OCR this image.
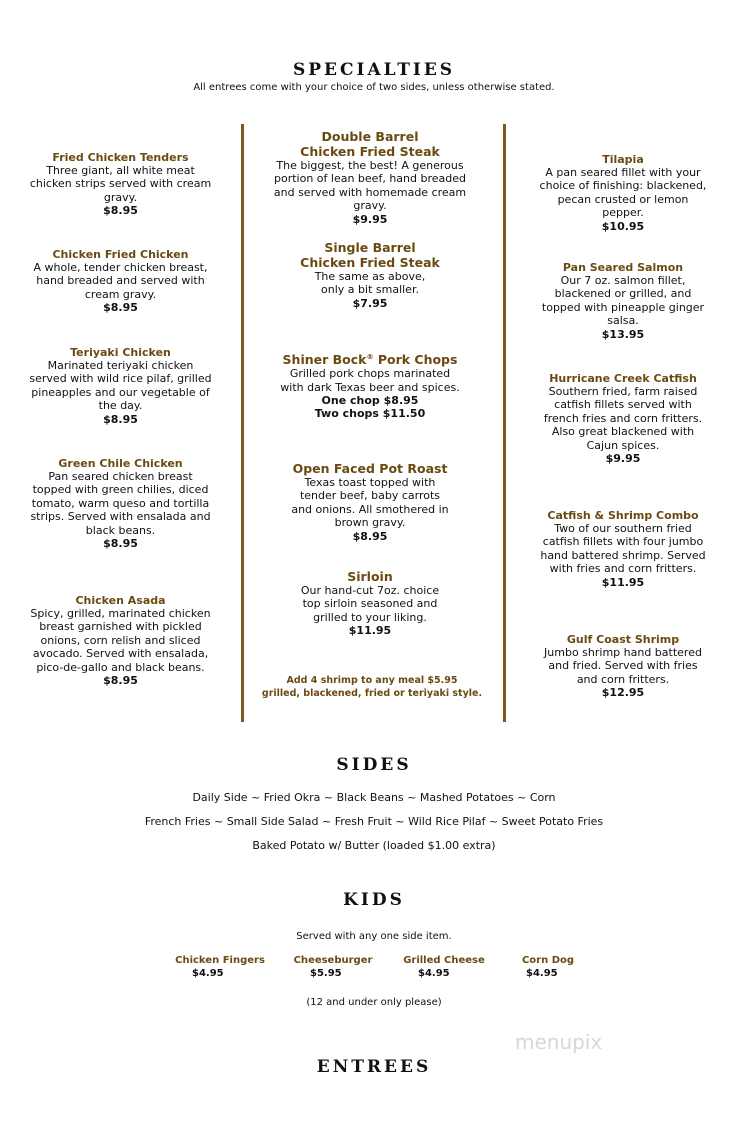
SPECIALTIES
All entrees come with your choice of two sides, unless otherwise stated.
Fried Chicken Tenders
Three giant, all white meat chicken strips served with cream gravy.
$8.95
Chicken Fried Chicken
A whole, tender chicken breast, hand breaded and served with cream gravy.
$8.95
Teriyaki Chicken
Marinated teriyaki chicken served with wild rice pilaf, grilled pineapples and our vegetable of the day.
$8.95
Green Chile Chicken
Pan seared chicken breast topped with green chilies, diced tomato, warm queso and tortilla strips. Served with ensalada and black beans.
$8.95
Chicken Asada
Spicy, grilled, marinated chicken breast garnished with pickled onions, corn relish and sliced avocado. Served with ensalada, pico-de-gallo and black beans.
$8.95
Double Barrel
Chicken Fried Steak
The biggest, the best! A generous portion of lean beef, hand breaded and served with homemade cream gravy.
$9.95
Single Barrel
Chicken Fried Steak
The same as above, only a bit smaller.
$7.95
Shiner Bock® Pork Chops
Grilled pork chops marinated with dark Texas beer and spices.
One chop $8.95
Two chops $11.50
Open Faced Pot Roast
Texas toast topped with tender beef, baby carrots and onions. All smothered in brown gravy.
$8.95
Sirloin
Our hand-cut 7oz. choice top sirloin seasoned and grilled to your liking.
$11.95
Add 4 shrimp to any meal $5.95
grilled, blackened, fried or teriyaki style.
Tilapia
A pan seared fillet with your choice of finishing: blackened, pecan crusted or lemon pepper.
$10.95
Pan Seared Salmon
Our 7 oz. salmon fillet, blackened or grilled, and topped with pineapple ginger salsa.
$13.95
Hurricane Creek Catfish
Southern fried, farm raised catfish fillets served with french fries and corn fritters. Also great blackened with Cajun spices.
$9.95
Catfish & Shrimp Combo
Two of our southern fried catfish fillets with four jumbo hand battered shrimp. Served with fries and corn fritters.
$11.95
Gulf Coast Shrimp
Jumbo shrimp hand battered and fried. Served with fries and corn fritters.
$12.95
SIDES
Daily Side ~ Fried Okra ~ Black Beans ~ Mashed Potatoes ~ Corn
French Fries ~ Small Side Salad ~ Fresh Fruit ~ Wild Rice Pilaf ~ Sweet Potato Fries
Baked Potato w/ Butter (loaded $1.00 extra)
KIDS
Served with any one side item.
Chicken Fingers
$4.95
Cheeseburger
$5.95
Grilled Cheese
$4.95
Corn Dog
$4.95
(12 and under only please)
menupix
ENTREES
